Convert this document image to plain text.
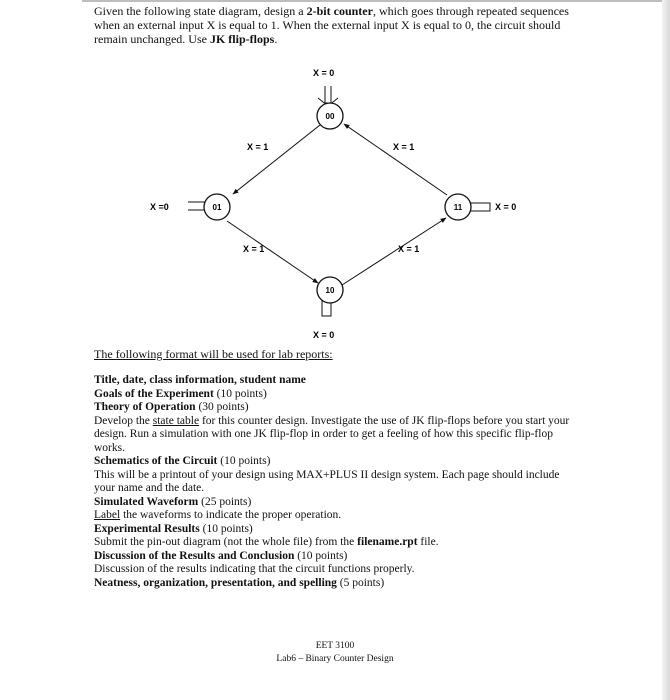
Given the following state diagram, design a 2-bit counter, which goes through repeated sequences when an external input X is equal to 1. When the external input X is equal to 0, the circuit should remain unchanged. Use JK flip-flops.

00
01	11
10
X = 0
X = 1	X = 1
X =0	X = 0
X = 1	X = 1
X = 0

The following format will be used for lab reports:

Title, date, class information, student name

Goals of the Experiment (10 points)

Theory of Operation (30 points)

Develop the state table for this counter design. Investigate the use of JK flip-flops before you start your design. Run a simulation with one JK flip-flop in order to get a feeling of how this specific flip-flop works.

Schematics of the Circuit (10 points)

This will be a printout of your design using MAX+PLUS II design system. Each page should include your name and the date.

Simulated Waveform (25 points)

Label the waveforms to indicate the proper operation.

Experimental Results (10 points)

Submit the pin-out diagram (not the whole file) from the filename.rpt file.

Discussion of the Results and Conclusion (10 points)

Discussion of the results indicating that the circuit functions properly.

Neatness, organization, presentation, and spelling (5 points)

EET 3100
Lab6 – Binary Counter Design
